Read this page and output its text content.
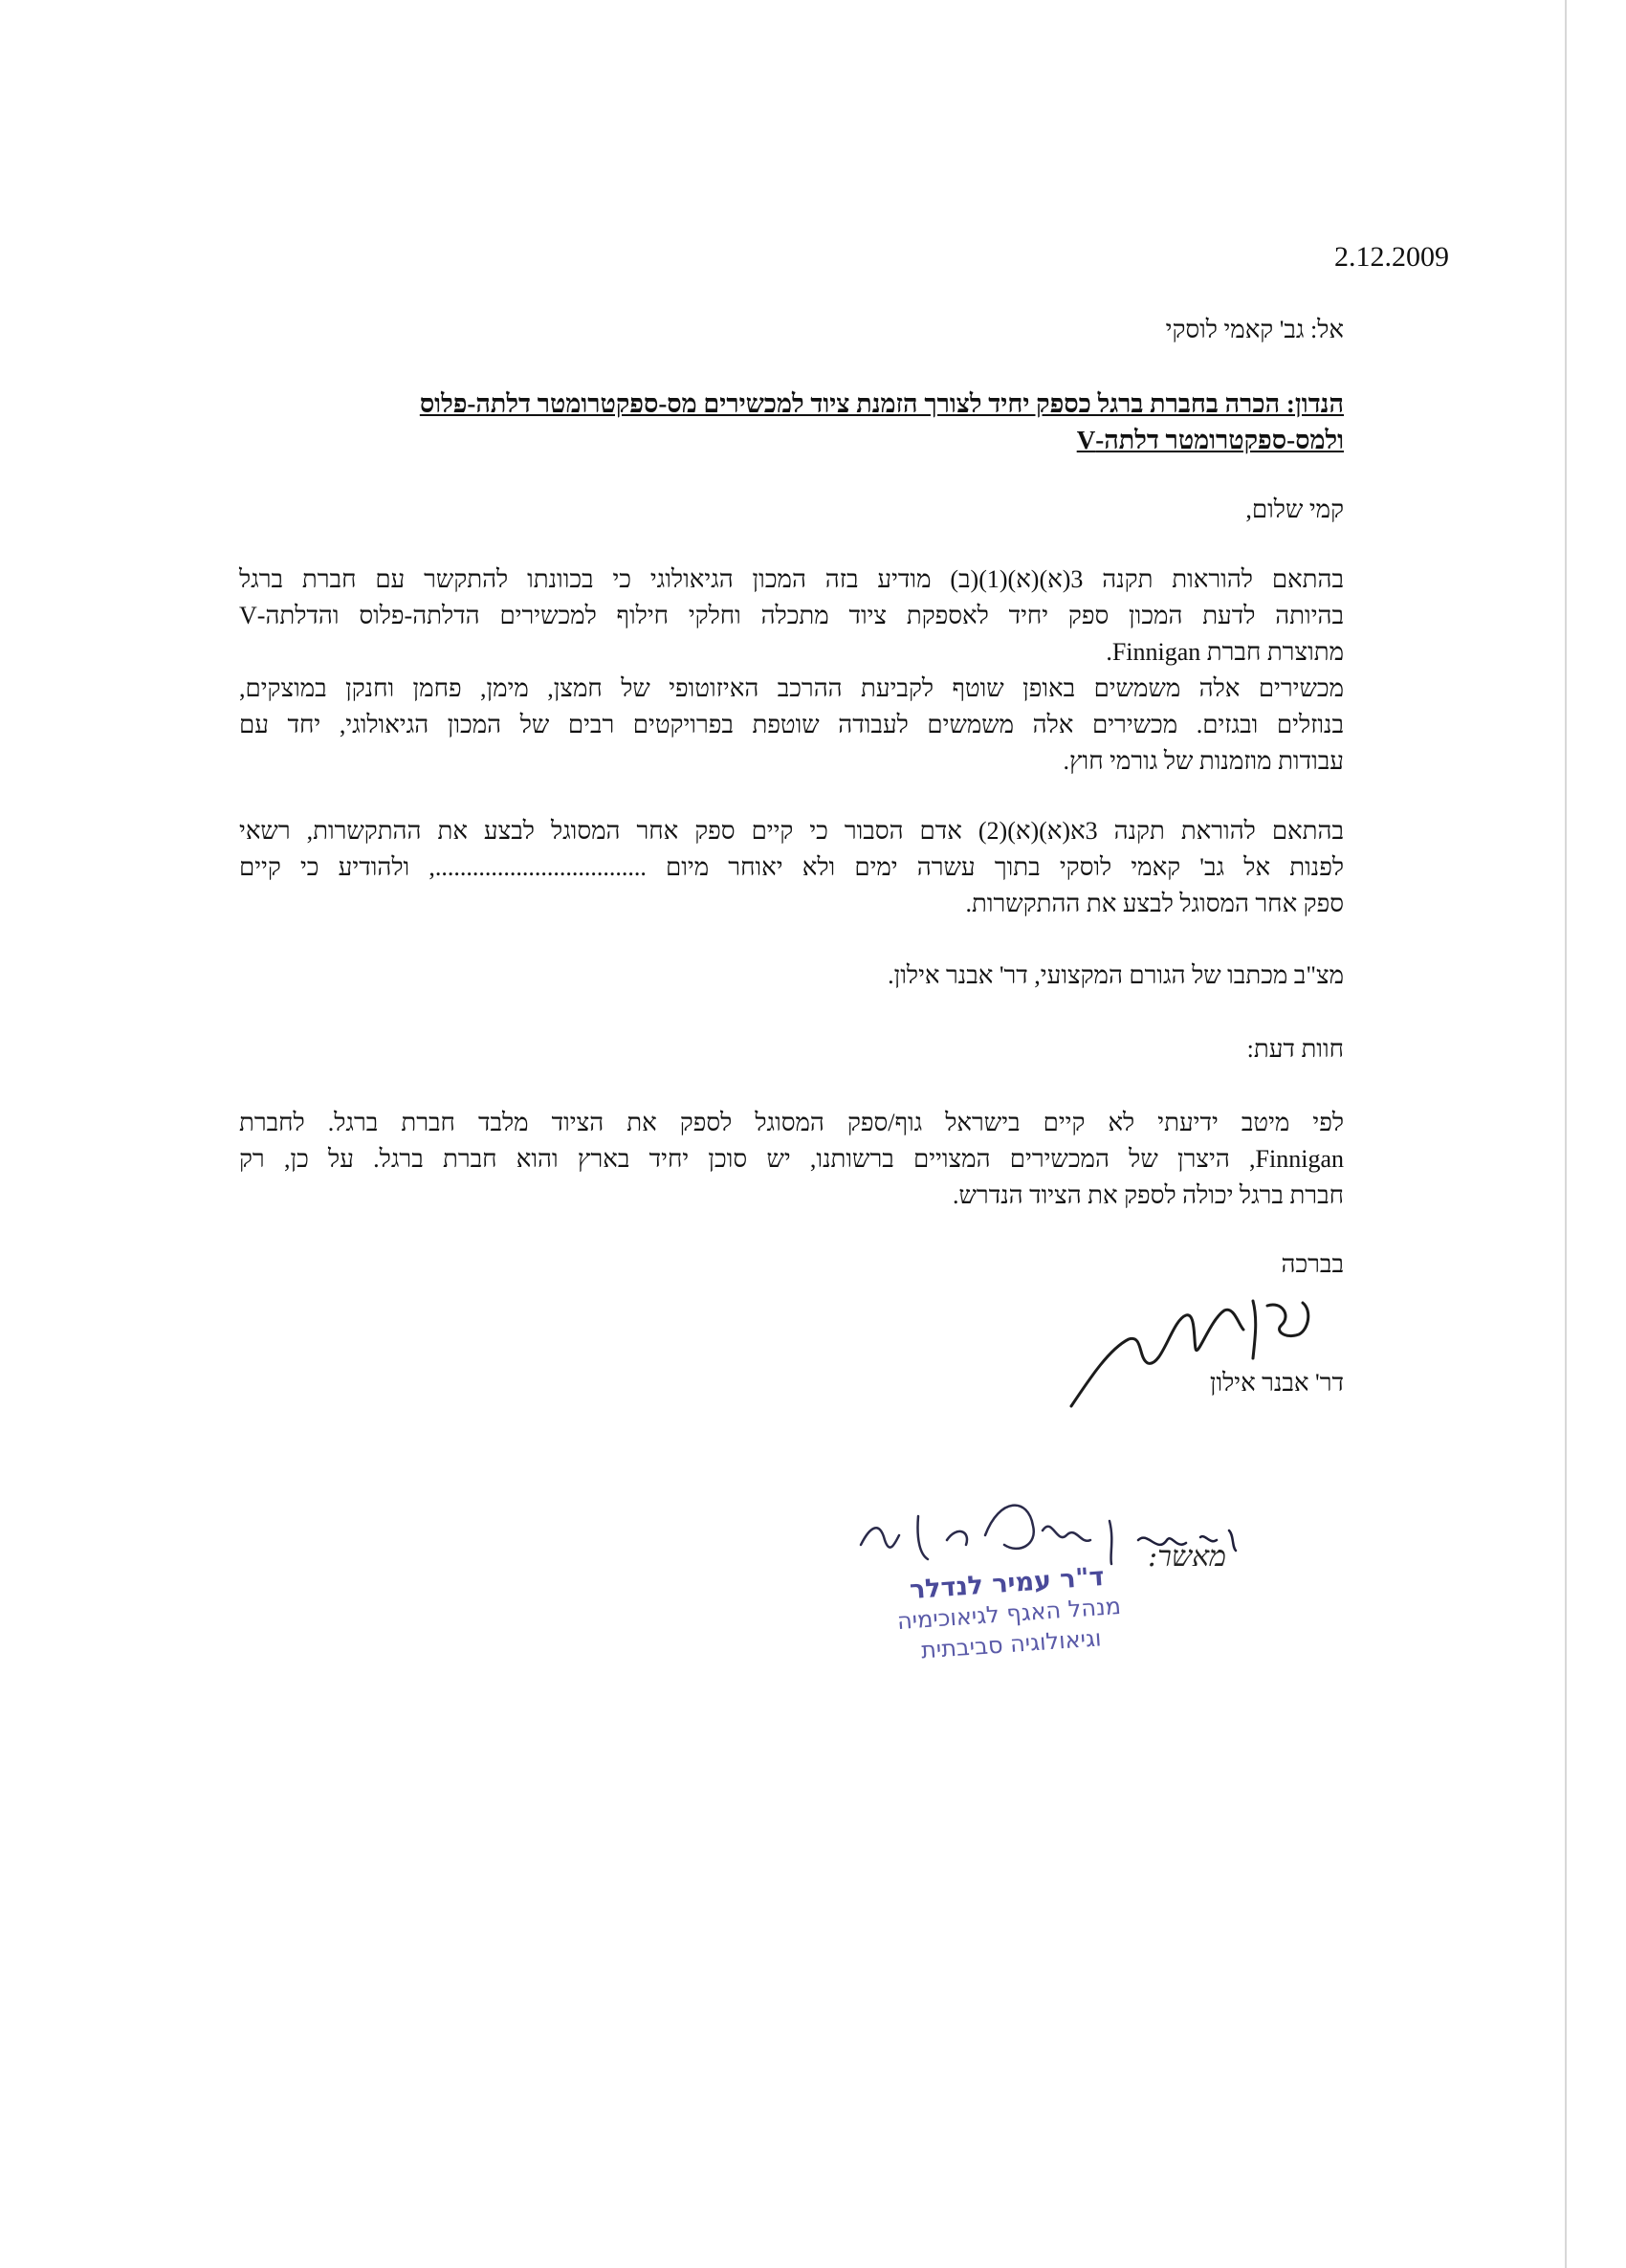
2.12.2009
אל: גב' קאמי לוסקי
הנדון: הכרה בחברת ברגל כספק יחיד לצורך הזמנת ציוד למכשירים מס-ספקטרומטר דלתה-פלוס
ולמס-ספקטרומטר דלתה-V
קמי שלום,
בהתאם להוראות תקנה 3(א)(א)(1)(ב) מודיע בזה המכון הגיאולוגי כי בכוונתו להתקשר עם חברת ברגל
בהיותה לדעת המכון ספק יחיד לאספקת ציוד מתכלה וחלקי חילוף למכשירים הדלתה-פלוס והדלתה-V
מתוצרת חברת Finnigan.
מכשירים אלה משמשים באופן שוטף לקביעת ההרכב האיזוטופי של חמצן, מימן, פחמן וחנקן במוצקים,
בנוזלים ובגזים. מכשירים אלה משמשים לעבודה שוטפת בפרויקטים רבים של המכון הגיאולוגי, יחד עם
עבודות מוזמנות של גורמי חוץ.
בהתאם להוראת תקנה 3א(א)(א)(2) אדם הסבור כי קיים ספק אחר המסוגל לבצע את ההתקשרות, רשאי
לפנות אל גב' קאמי לוסקי בתוך עשרה ימים ולא יאוחר מיום .................................., ולהודיע כי קיים
ספק אחר המסוגל לבצע את ההתקשרות.
מצ"ב מכתבו של הגורם המקצועי, דר' אבנר אילון.
חוות דעת:
לפי מיטב ידיעתי לא קיים בישראל גוף/ספק המסוגל לספק את הציוד מלבד חברת ברגל. לחברת
Finnigan, היצרן של המכשירים המצויים ברשותנו, יש סוכן יחיד בארץ והוא חברת ברגל. על כן, רק
חברת ברגל יכולה לספק את הציוד הנדרש.
בברכה
דר' אבנר אילון
ד"ר עמיר לנדלר
מנהל האגף לגיאוכימיה
וגיאולוגיה סביבתית
מאשר:
